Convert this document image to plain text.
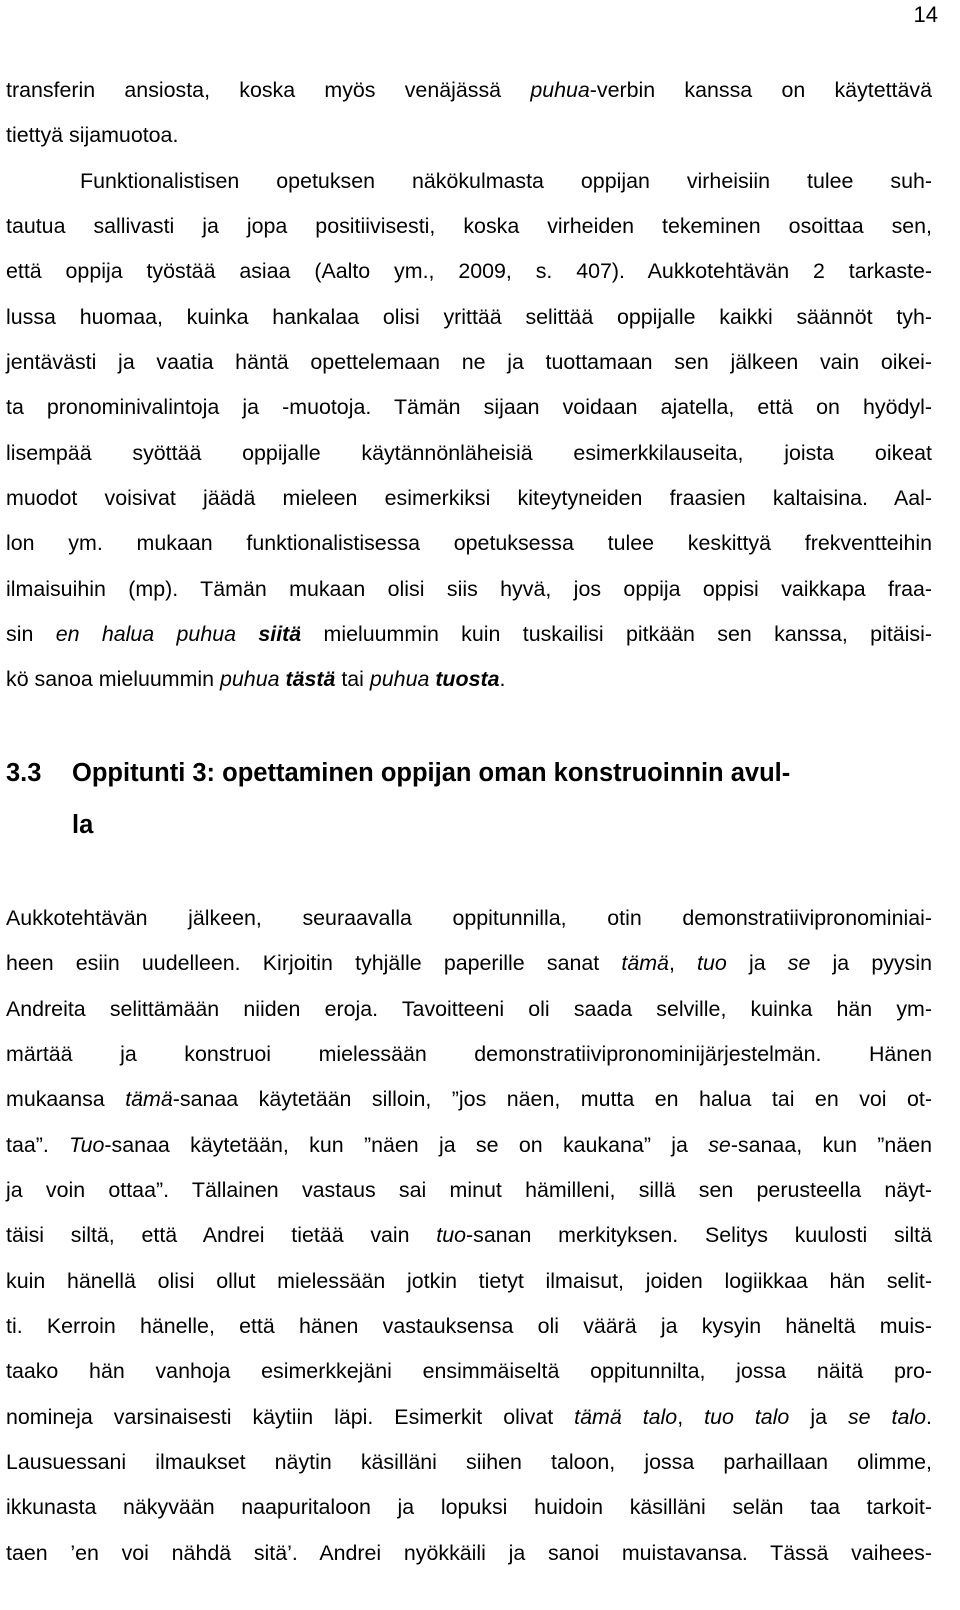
14
transferin ansiosta, koska myös venäjässä puhua-verbin kanssa on käytettävä
tiettyä sijamuotoa.
Funktionalistisen opetuksen näkökulmasta oppijan virheisiin tulee suh-
tautua sallivasti ja jopa positiivisesti, koska virheiden tekeminen osoittaa sen,
että oppija työstää asiaa (Aalto ym., 2009, s. 407). Aukkotehtävän 2 tarkaste-
lussa huomaa, kuinka hankalaa olisi yrittää selittää oppijalle kaikki säännöt tyh-
jentävästi ja vaatia häntä opettelemaan ne ja tuottamaan sen jälkeen vain oikei-
ta pronominivalintoja ja -muotoja. Tämän sijaan voidaan ajatella, että on hyödyl-
lisempää syöttää oppijalle käytännönläheisiä esimerkkilauseita, joista oikeat
muodot voisivat jäädä mieleen esimerkiksi kiteytyneiden fraasien kaltaisina. Aal-
lon ym. mukaan funktionalistisessa opetuksessa tulee keskittyä frekventteihin
ilmaisuihin (mp). Tämän mukaan olisi siis hyvä, jos oppija oppisi vaikkapa fraa-
sin en halua puhua siitä mieluummin kuin tuskailisi pitkään sen kanssa, pitäisi-
kö sanoa mieluummin puhua tästä tai puhua tuosta.
3.3 Oppitunti 3: opettaminen oppijan oman konstruoinnin avul-
la
Aukkotehtävän jälkeen, seuraavalla oppitunnilla, otin demonstratiivipronominiai-
heen esiin uudelleen. Kirjoitin tyhjälle paperille sanat tämä, tuo ja se ja pyysin
Andreita selittämään niiden eroja. Tavoitteeni oli saada selville, kuinka hän ym-
märtää ja konstruoi mielessään demonstratiivipronominijärjestelmän. Hänen
mukaansa tämä-sanaa käytetään silloin, ”jos näen, mutta en halua tai en voi ot-
taa”. Tuo-sanaa käytetään, kun ”näen ja se on kaukana” ja se-sanaa, kun ”näen
ja voin ottaa”. Tällainen vastaus sai minut hämilleni, sillä sen perusteella näyt-
täisi siltä, että Andrei tietää vain tuo-sanan merkityksen. Selitys kuulosti siltä
kuin hänellä olisi ollut mielessään jotkin tietyt ilmaisut, joiden logiikkaa hän selit-
ti. Kerroin hänelle, että hänen vastauksensa oli väärä ja kysyin häneltä muis-
taako hän vanhoja esimerkkejäni ensimmäiseltä oppitunnilta, jossa näitä pro-
nomineja varsinaisesti käytiin läpi. Esimerkit olivat tämä talo, tuo talo ja se talo.
Lausuessani ilmaukset näytin käsilläni siihen taloon, jossa parhaillaan olimme,
ikkunasta näkyvään naapuritaloon ja lopuksi huidoin käsilläni selän taa tarkoit-
taen ’en voi nähdä sitä’. Andrei nyökkäili ja sanoi muistavansa. Tässä vaihees-
